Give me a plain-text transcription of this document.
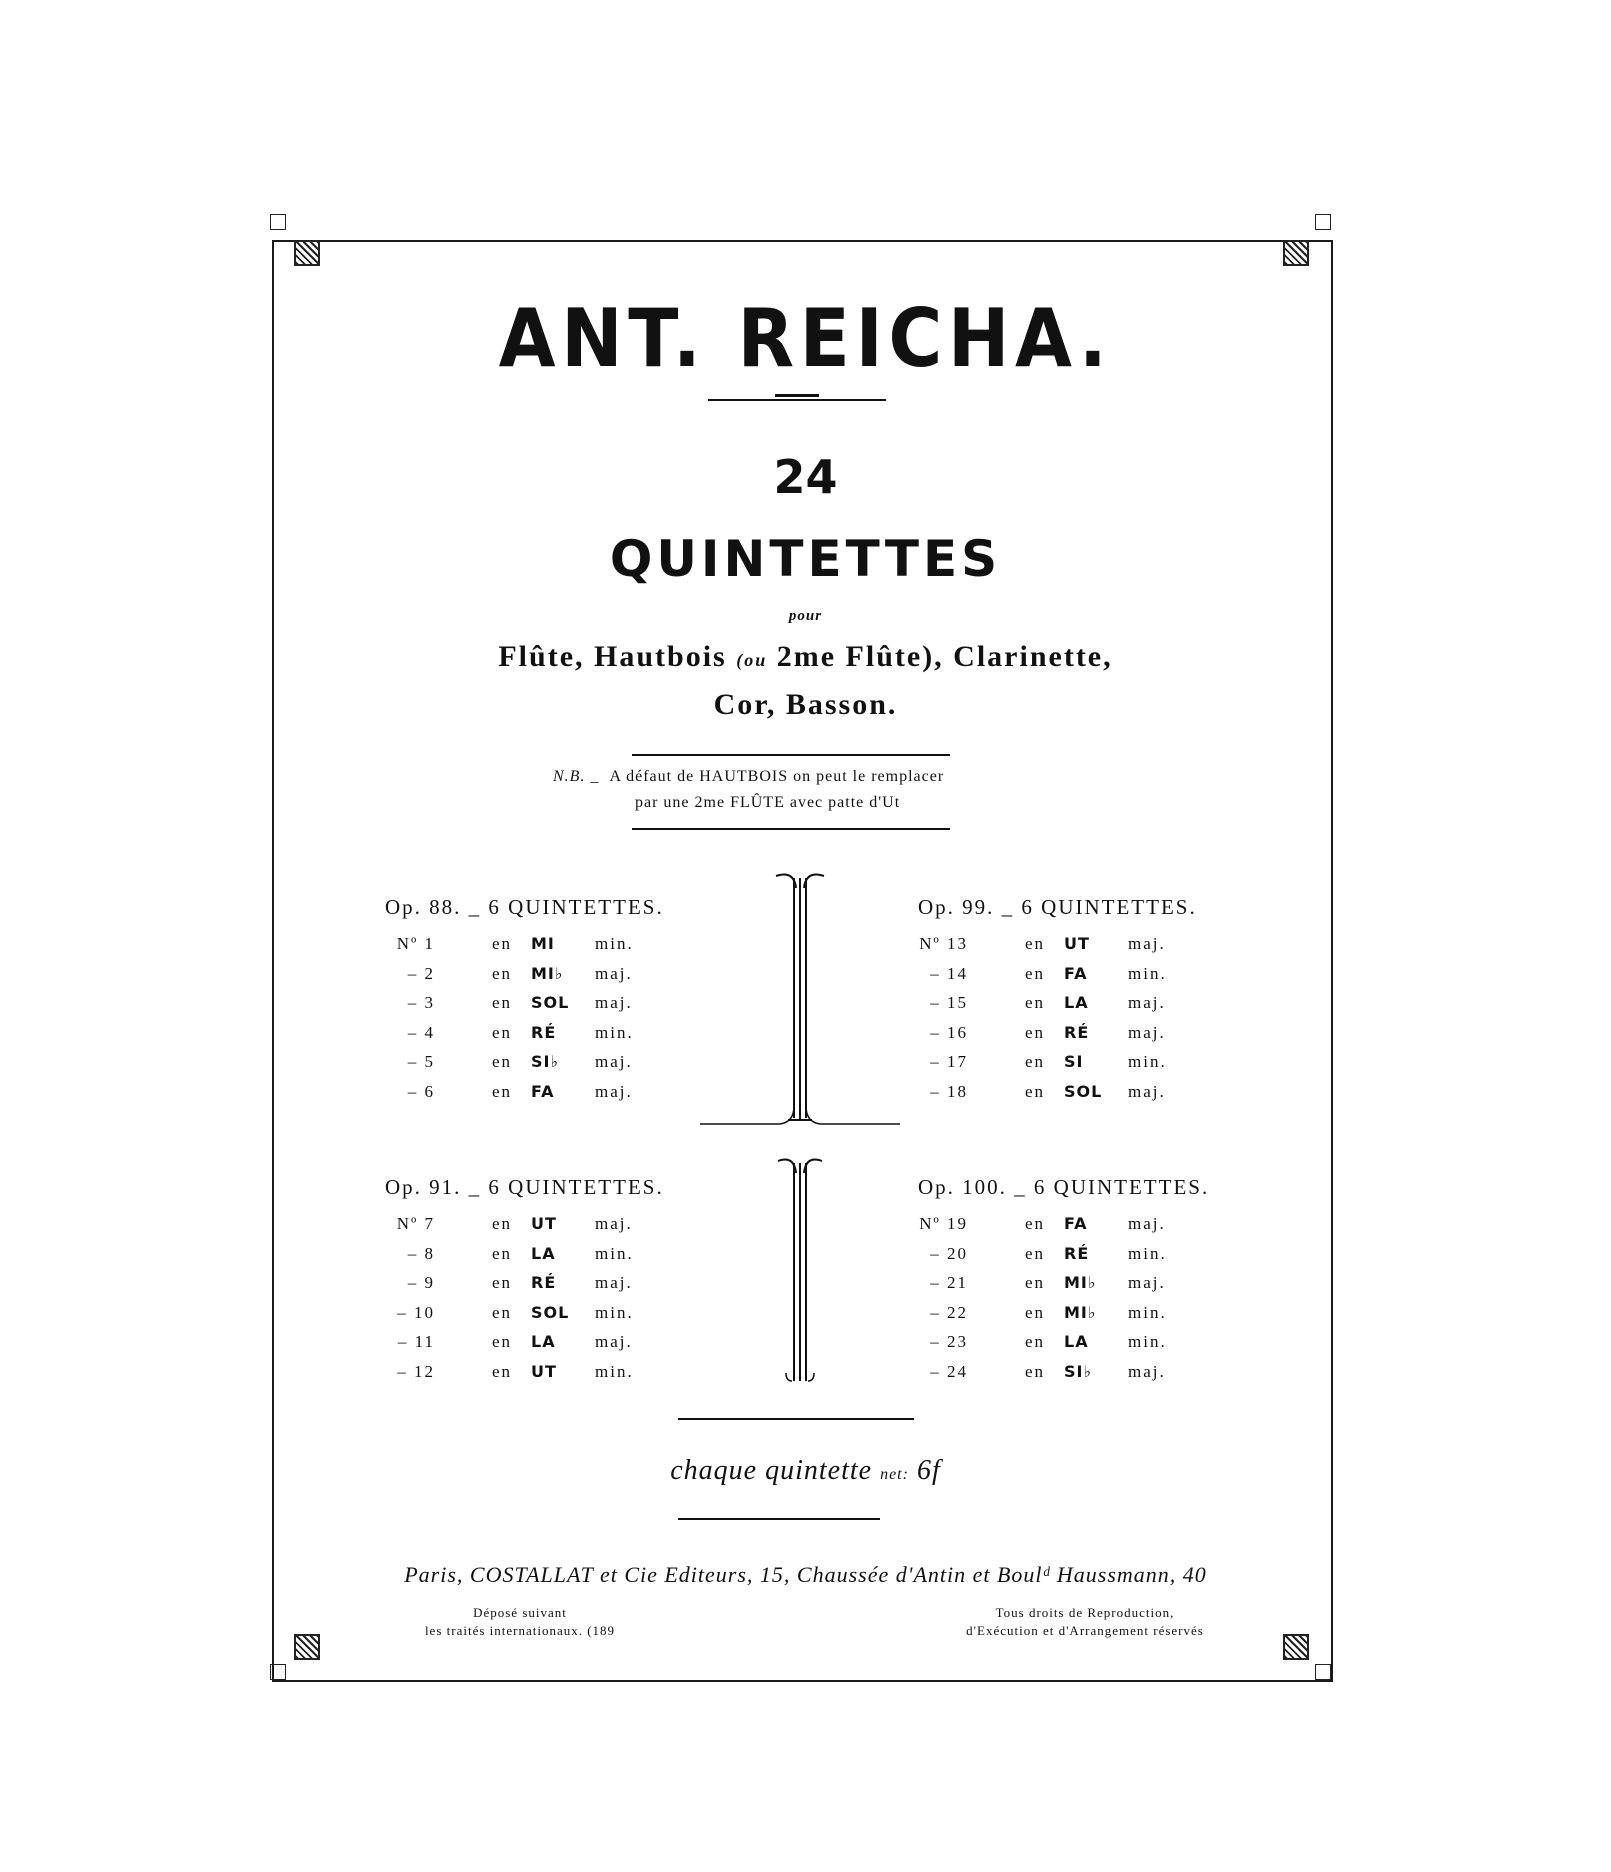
ANT. REICHA.
24
QUINTETTES
pour
Flûte, Hautbois (ou 2me Flûte), Clarinette,
Cor, Basson.
N.B. _ A défaut de HAUTBOIS on peut le remplacer
par une 2me FLÛTE avec patte d'Ut
Op. 88. _ 6 QUINTETTES.
Nº 1	en MI min.
– 2	en MI♭ maj.
– 3	en SOL maj.
– 4	en RÉ min.
– 5	en SI♭ maj.
– 6	en FA maj.
Op. 99. _ 6 QUINTETTES.
Nº 13	en UT maj.
– 14	en FA min.
– 15	en LA maj.
– 16	en RÉ maj.
– 17	en SI	min.
– 18	en SOL maj.
Op. 91. _ 6 QUINTETTES.
Nº 7	en UT maj.
– 8	en LA min.
– 9	en RÉ maj.
– 10	en SOL min.
– 11	en LA maj.
– 12	en UT min.
Op. 100. _ 6 QUINTETTES.
Nº 19	en FA maj.
– 20	en RÉ min.
– 21	en MI♭ maj.
– 22	en MI♭ min.
– 23	en LA min.
– 24	en SI♭ maj.
chaque quintette net: 6f
Paris, COSTALLAT et Cie Editeurs, 15, Chaussée d'Antin et Boulᵈ Haussmann, 40
Déposé suivant
les traités internationaux. (189
Tous droits de Reproduction,
d'Exécution et d'Arrangement réservés
